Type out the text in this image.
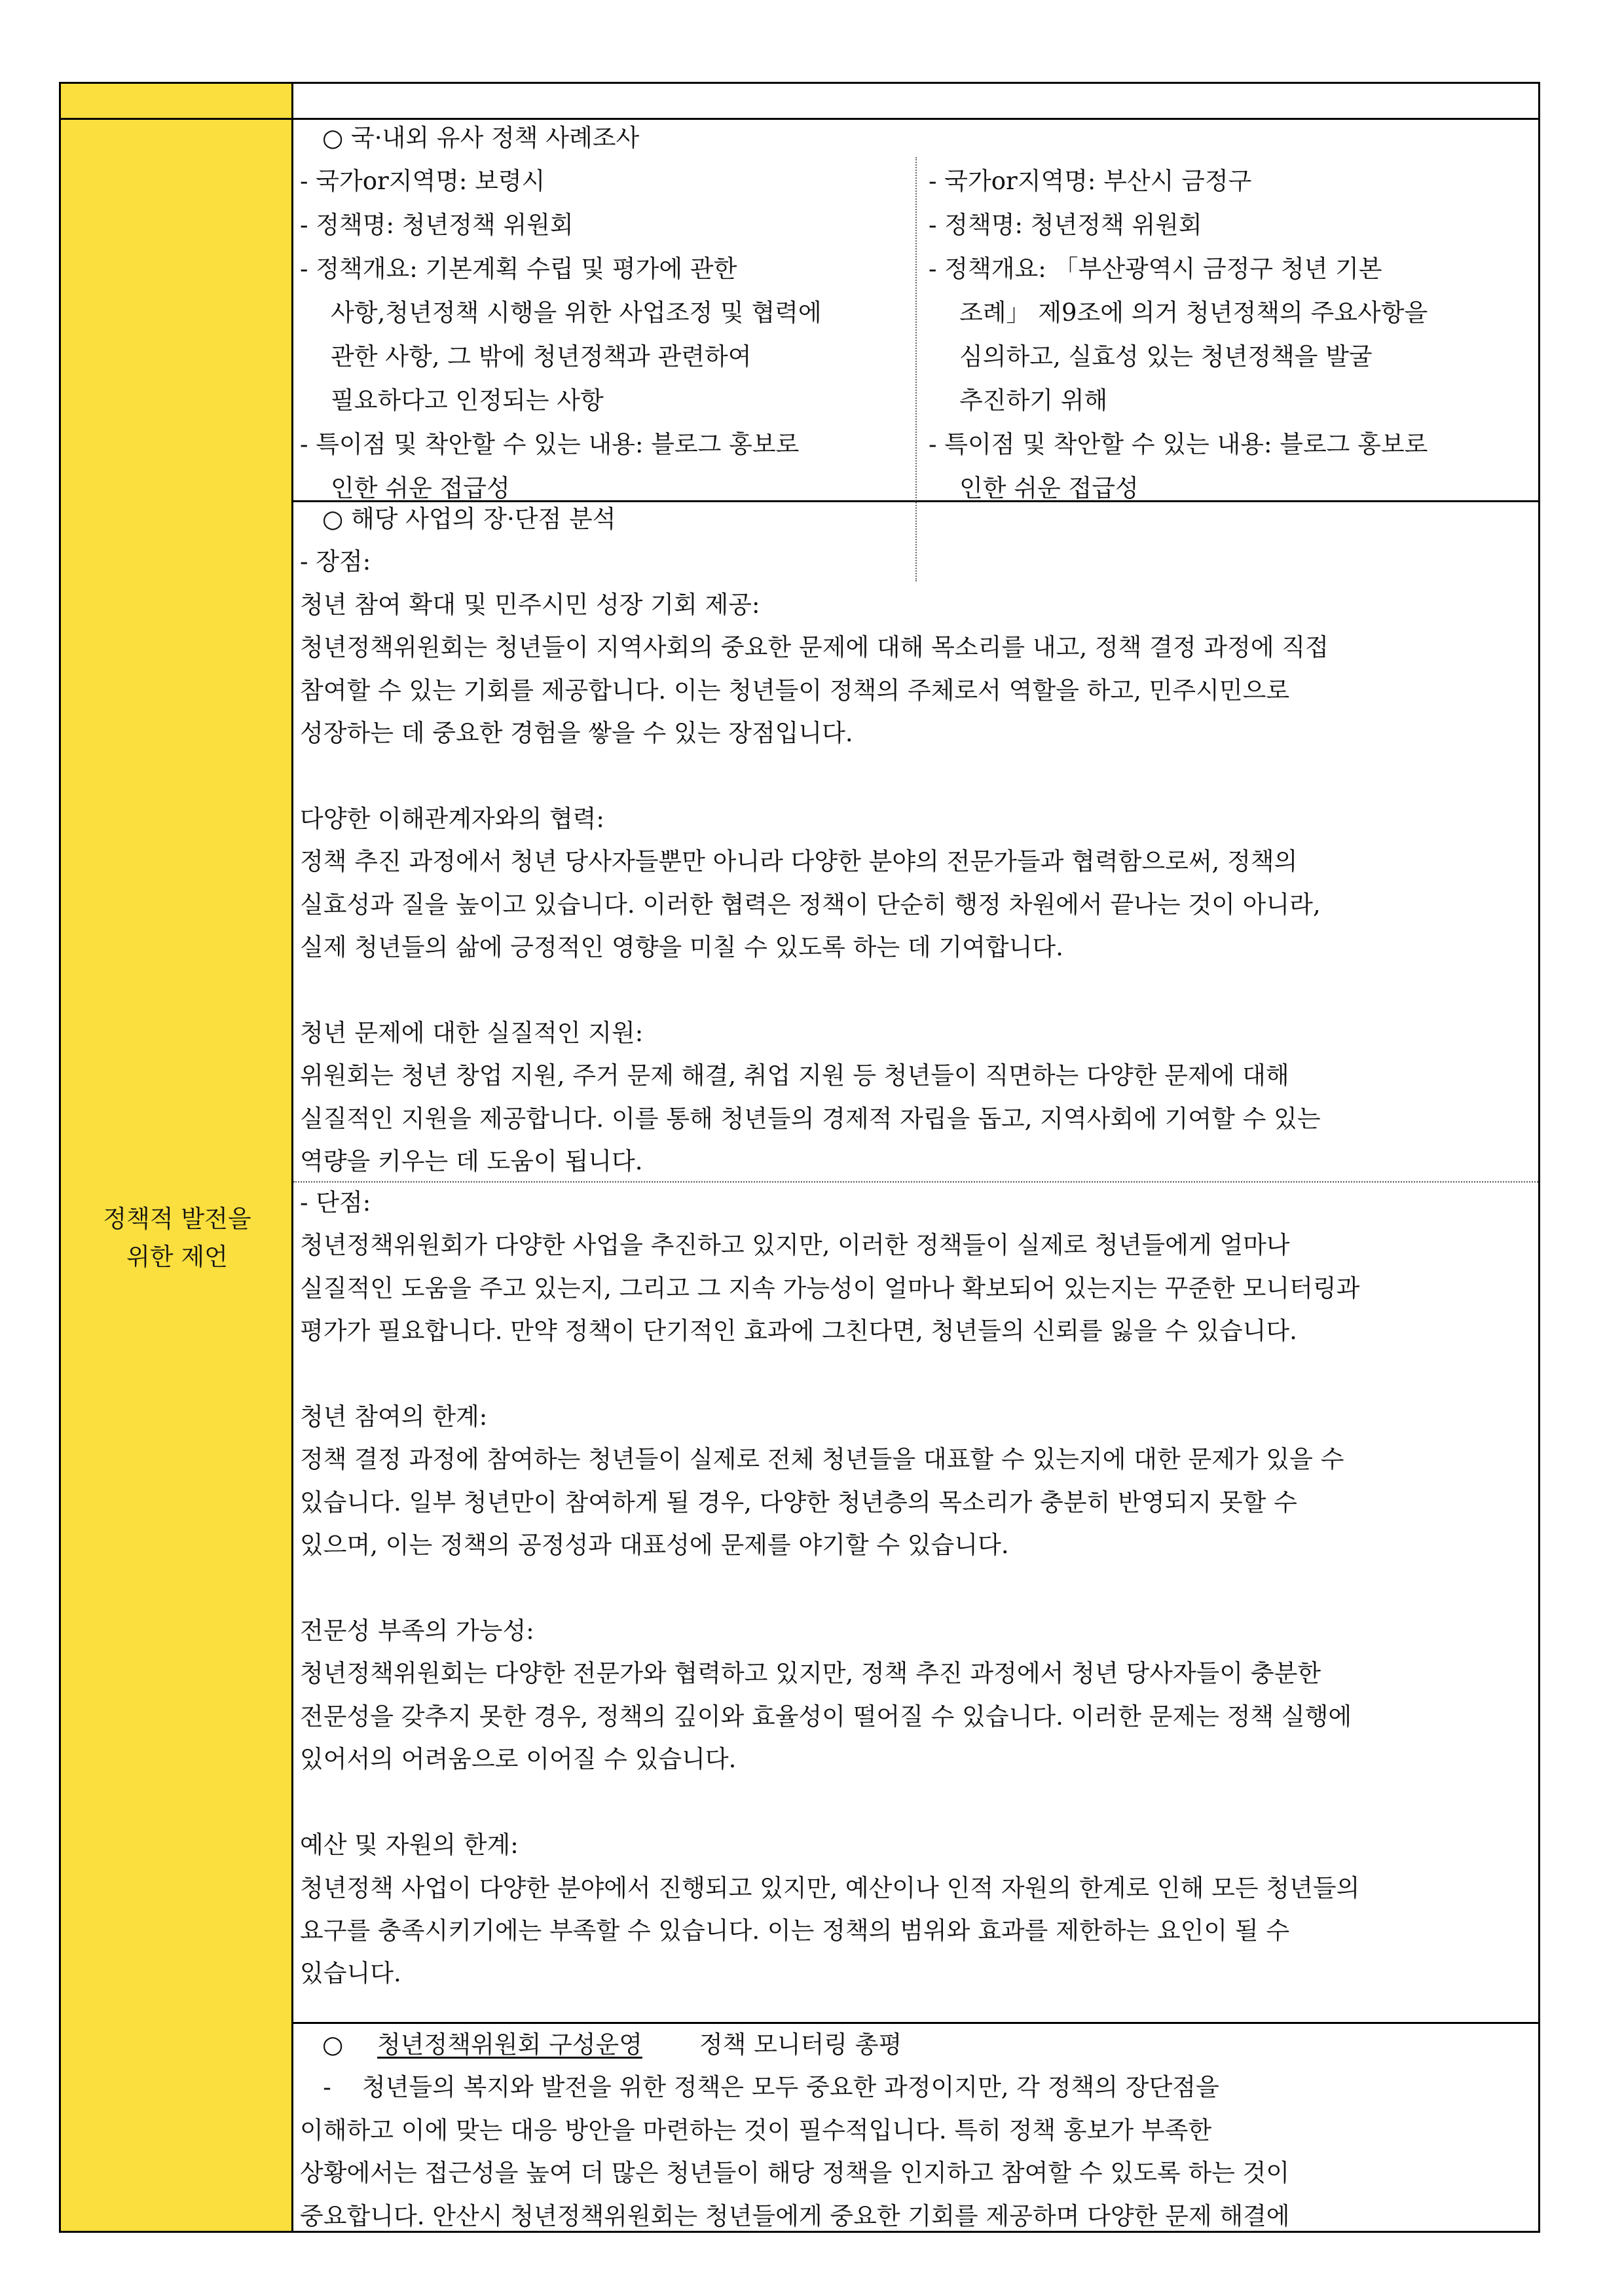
정책적 발전을
위한 제언
○ 국·내외 유사 정책 사례조사

- 국가or지역명: 보령시

- 정책명: 청년정책 위원회

- 정책개요: 기본계획 수립 및 평가에 관한

사항,청년정책 시행을 위한 사업조정 및 협력에

관한 사항, 그 밖에 청년정책과 관련하여

필요하다고 인정되는 사항

- 특이점 및 착안할 수 있는 내용: 블로그 홍보로

인한 쉬운 접급성

- 국가or지역명: 부산시 금정구

- 정책명: 청년정책 위원회

- 정책개요: 「부산광역시 금정구 청년 기본

조례」 제9조에 의거 청년정책의 주요사항을

심의하고, 실효성 있는 청년정책을 발굴

추진하기 위해

- 특이점 및 착안할 수 있는 내용: 블로그 홍보로

인한 쉬운 접급성

○ 해당 사업의 장·단점 분석

- 장점:

청년 참여 확대 및 민주시민 성장 기회 제공:

청년정책위원회는 청년들이 지역사회의 중요한 문제에 대해 목소리를 내고, 정책 결정 과정에 직접

참여할 수 있는 기회를 제공합니다. 이는 청년들이 정책의 주체로서 역할을 하고, 민주시민으로

성장하는 데 중요한 경험을 쌓을 수 있는 장점입니다.

다양한 이해관계자와의 협력:

정책 추진 과정에서 청년 당사자들뿐만 아니라 다양한 분야의 전문가들과 협력함으로써, 정책의

실효성과 질을 높이고 있습니다. 이러한 협력은 정책이 단순히 행정 차원에서 끝나는 것이 아니라,

실제 청년들의 삶에 긍정적인 영향을 미칠 수 있도록 하는 데 기여합니다.

청년 문제에 대한 실질적인 지원:

위원회는 청년 창업 지원, 주거 문제 해결, 취업 지원 등 청년들이 직면하는 다양한 문제에 대해

실질적인 지원을 제공합니다. 이를 통해 청년들의 경제적 자립을 돕고, 지역사회에 기여할 수 있는

역량을 키우는 데 도움이 됩니다.

- 단점:

청년정책위원회가 다양한 사업을 추진하고 있지만, 이러한 정책들이 실제로 청년들에게 얼마나

실질적인 도움을 주고 있는지, 그리고 그 지속 가능성이 얼마나 확보되어 있는지는 꾸준한 모니터링과

평가가 필요합니다. 만약 정책이 단기적인 효과에 그친다면, 청년들의 신뢰를 잃을 수 있습니다.

청년 참여의 한계:

정책 결정 과정에 참여하는 청년들이 실제로 전체 청년들을 대표할 수 있는지에 대한 문제가 있을 수

있습니다. 일부 청년만이 참여하게 될 경우, 다양한 청년층의 목소리가 충분히 반영되지 못할 수

있으며, 이는 정책의 공정성과 대표성에 문제를 야기할 수 있습니다.

전문성 부족의 가능성:

청년정책위원회는 다양한 전문가와 협력하고 있지만, 정책 추진 과정에서 청년 당사자들이 충분한

전문성을 갖추지 못한 경우, 정책의 깊이와 효율성이 떨어질 수 있습니다. 이러한 문제는 정책 실행에

있어서의 어려움으로 이어질 수 있습니다.

예산 및 자원의 한계:

청년정책 사업이 다양한 분야에서 진행되고 있지만, 예산이나 인적 자원의 한계로 인해 모든 청년들의

요구를 충족시키기에는 부족할 수 있습니다. 이는 정책의 범위와 효과를 제한하는 요인이 될 수

있습니다.

○ 청년정책위원회 구성운영 정책 모니터링 총평

-    청년들의 복지와 발전을 위한 정책은 모두 중요한 과정이지만, 각 정책의 장단점을

이해하고 이에 맞는 대응 방안을 마련하는 것이 필수적입니다. 특히 정책 홍보가 부족한

상황에서는 접근성을 높여 더 많은 청년들이 해당 정책을 인지하고 참여할 수 있도록 하는 것이

중요합니다. 안산시 청년정책위원회는 청년들에게 중요한 기회를 제공하며 다양한 문제 해결에
